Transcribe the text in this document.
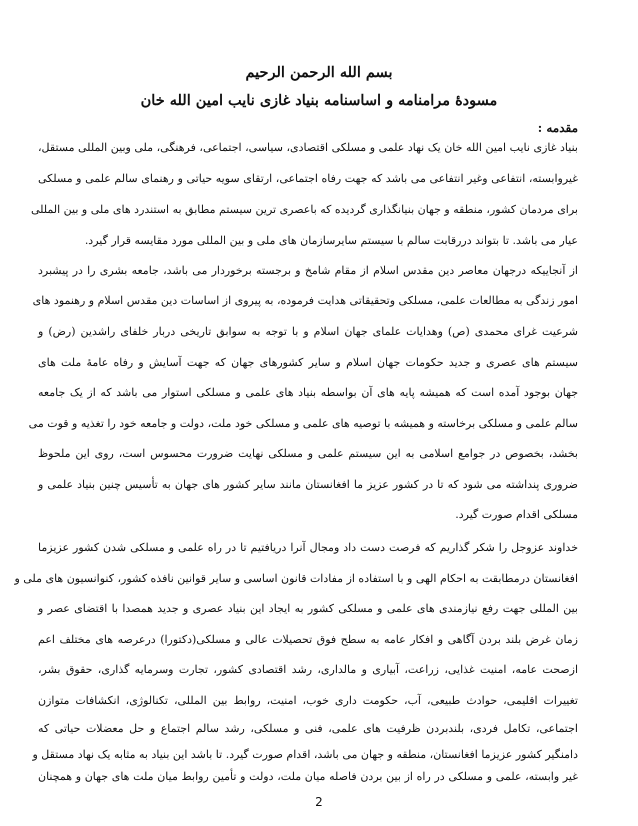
بسم الله الرحمن الرحیم
مسودۀ مرامنامه و اساسنامه بنیاد غازی نایب امین الله خان
مقدمه :
بنیاد غازی نایب امین الله خان یک نهاد علمی و مسلکی اقتصادی، سیاسی، اجتماعی، فرهنگی، ملی وبین المللی مستقل،
غیروابسته، انتفاعی وغیر انتفاعی می باشد که جهت رفاه اجتماعی، ارتقای سویه حیاتی و رهنمای سالم علمی و مسلکی
برای مردمان کشور، منطقه و جهان بنیانگذاری گردیده که باعصری ترین سیستم مطابق به استندرد های ملی و بین المللی
عیار می باشد. تا بتواند دررقابت سالم با سیستم سایرسازمان های ملی و بین المللی مورد مقایسه قرار گیرد.
از آنجاییکه درجهان معاصر دین مقدس اسلام از مقام شامخ و برجسته برخوردار می باشد، جامعه بشری را در پیشبرد
امور زندگی به مطالعات علمی، مسلکی وتحقیقاتی هدایت فرموده، به پیروی از اساسات دین مقدس اسلام و رهنمود های
شرعیت غرای محمدی (ص) وهدایات علمای جهان اسلام و با توجه به سوابق تاریخی دربار خلفای راشدین (رض) و
سیستم های عصری و جدید حکومات جهان اسلام و سایر کشورهای جهان که جهت آسایش و رفاه عامۀ ملت های
جهان بوجود آمده است که همیشه پایه های آن بواسطه بنیاد های علمی و مسلکی استوار می باشد که از یک جامعه
سالم علمی و مسلکی برخاسته و همیشه با توصیه های علمی و مسلکی خود ملت، دولت و جامعه خود را تغذیه و قوت می
بخشد، بخصوص در جوامع اسلامی به این سیستم علمی و مسلکی نهایت ضرورت محسوس است، روی این ملحوظ
ضروری پنداشته می شود که تا در کشور عزیز ما افغانستان مانند سایر کشور های جهان به تأسیس چنین بنیاد علمی و
مسلکی اقدام صورت گیرد.
خداوند عزوجل را شکر گذاریم که فرصت دست داد ومجال آنرا دریافتیم تا در راه علمی و مسلکی شدن کشور عزیزما
افغانستان درمطابقت به احکام الهی و با استفاده از مفادات قانون اساسی و سایر قوانین نافذه کشور، کنوانسیون های ملی و
بین المللی جهت رفع نیازمندی های علمی و مسلکی کشور به ایجاد این بنیاد عصری و جدید همصدا با اقتضای عصر و
زمان غرض بلند بردن آگاهی و افکار عامه به سطح فوق تحصیلات عالی و مسلکی(دکتورا) درعرصه های مختلف اعم
ازصحت عامه، امنیت غذایی، زراعت، آبیاری و مالداری، رشد اقتصادی کشور، تجارت وسرمایه گذاری، حقوق بشر،
تغییرات اقلیمی، حوادث طبیعی، آب، حکومت داری خوب، امنیت، روابط بین المللی، تکنالوژی، انکشافات متوازن
اجتماعی، تکامل فردی، بلندبردن ظرفیت های علمی، فنی و مسلکی، رشد سالم اجتماع و حل معضلات حیاتی که
دامنگیر کشور عزیزما افغانستان، منطقه و جهان می باشد، اقدام صورت گیرد. تا باشد این بنیاد به مثابه یک نهاد مستقل و
غیر وابسته، علمی و مسلکی در راه از بین بردن فاصله میان ملت، دولت و تأمین روابط میان ملت های جهان و همچنان
2
